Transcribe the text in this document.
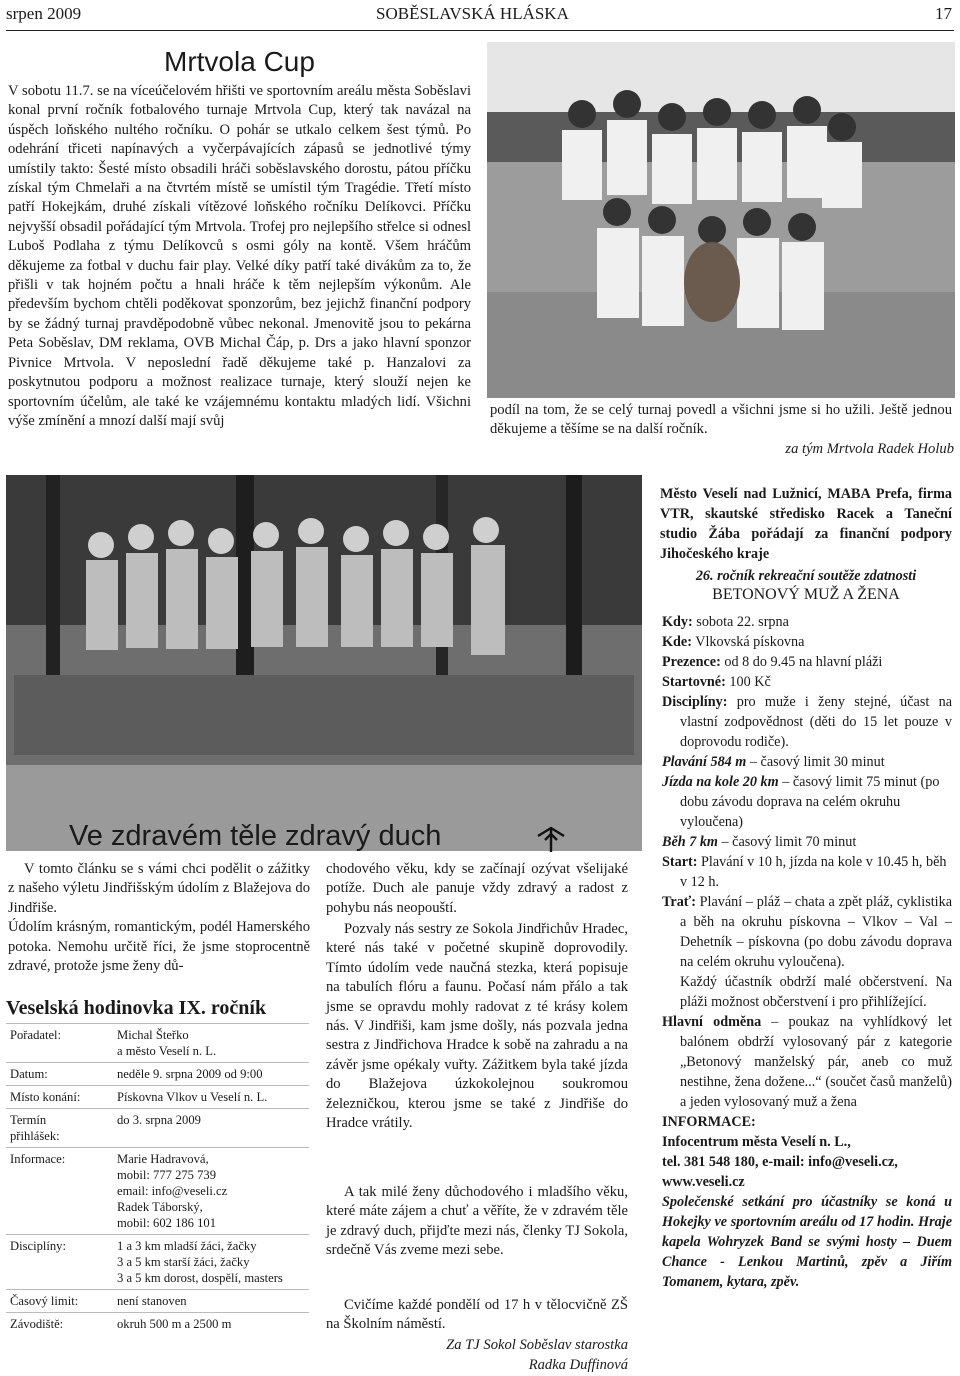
srpen 2009	SOBĚSLAVSKÁ HLÁSKA	17
Mrtvola Cup
V sobotu 11.7. se na víceúčelovém hřišti ve sportovním areálu města Soběslavi konal první ročník fotbalového turnaje Mrtvola Cup, který tak navázal na úspěch loňského nultého ročníku. O pohár se utkalo celkem šest týmů. Po odehrání třiceti napínavých a vyčerpávajících zápasů se jednotlivé týmy umístily takto: Šesté místo obsadili hráči soběslavského dorostu, pátou příčku získal tým Chmelaři a na čtvrtém místě se umístil tým Tragédie. Třetí místo patří Hokejkám, druhé získali vítězové loňského ročníku Delíkovci. Příčku nejvyšší obsadil pořádající tým Mrtvola. Trofej pro nejlepšího střelce si odnesl Luboš Podlaha z týmu Delíkovců s osmi góly na kontě. Všem hráčům děkujeme za fotbal v duchu fair play. Velké díky patří také divákům za to, že přišli v tak hojném počtu a hnali hráče k těm nejlepším výkonům. Ale především bychom chtěli poděkovat sponzorům, bez jejichž finanční podpory by se žádný turnaj pravděpodobně vůbec nekonal. Jmenovitě jsou to pekárna Peta Soběslav, DM reklama, OVB Michal Čáp, p. Drs a jako hlavní sponzor Pivnice Mrtvola. V neposlední řadě děkujeme také p. Hanzalovi za poskytnutou podporu a možnost realizace turnaje, který slouží nejen ke sportovním účelům, ale také ke vzájemnému kontaktu mladých lidí. Všichni výše zmínění a mnozí další mají svůj
podíl na tom, že se celý turnaj povedl a všichni jsme si ho užili. Ještě jednou děkujeme a těšíme se na další ročník.
za tým Mrtvola Radek Holub
Ve zdravém těle zdravý duch
V tomto článku se s vámi chci podělit o zážitky z našeho výletu Jindřišským údolím z Blažejova do Jindřiše.
Údolím krásným, romantickým, podél Hamerského potoka. Nemohu určitě říci, že jsme stoprocentně zdravé, protože jsme ženy dů-
chodového věku, kdy se začínají ozývat všelijaké potíže. Duch ale panuje vždy zdravý a radost z pohybu nás neopouští.
Pozvaly nás sestry ze Sokola Jindřichův Hradec, které nás také v početné skupině doprovodily. Tímto údolím vede naučná stezka, která popisuje na tabulích flóru a faunu. Počasí nám přálo a tak jsme se opravdu mohly radovat z té krásy kolem nás. V Jindřiši, kam jsme došly, nás pozvala jedna sestra z Jindřichova Hradce k sobě na zahradu a na závěr jsme opékaly vuřty. Zážitkem byla také jízda do Blažejova úzkokolejnou soukromou železničkou, kterou jsme se také z Jindřiše do Hradce vrátily.
A tak milé ženy důchodového i mladšího věku, které máte zájem a chuť a věříte, že v zdravém těle je zdravý duch, přijďte mezi nás, členky TJ Sokola, srdečně Vás zveme mezi sebe.
Cvičíme každé pondělí od 17 h v tělocvičně ZŠ na Školním náměstí.
Za TJ Sokol Soběslav starostka
Radka Duffinová
Veselská hodinovka IX. ročník
Pořadatel:	Michal Šteřko
a město Veselí n. L.
Datum:	neděle 9. srpna 2009 od 9:00
Místo konání:	Pískovna Vlkov u Veselí n. L.
Termín
přihlášek:	do 3. srpna 2009
Informace:	Marie Hadravová,
mobil: 777 275 739
email: info@veseli.cz
Radek Táborský,
mobil: 602 186 101
Disciplíny:	1 a 3 km mladší žáci, žačky
3 a 5 km starší žáci, žačky
3 a 5 km dorost, dospělí, masters
Časový limit:	není stanoven
Závodiště:	okruh 500 m a 2500 m
Město Veselí nad Lužnicí, MABA Prefa, firma VTR, skautské středisko Racek a Taneční studio Žába pořádají za finanční podpory Jihočeského kraje
26. ročník rekreační soutěže zdatnosti
BETONOVÝ MUŽ A ŽENA
Kdy: sobota 22. srpna
Kde: Vlkovská pískovna
Prezence: od 8 do 9.45 na hlavní pláži
Startovné: 100 Kč
Disciplíny: pro muže i ženy stejné, účast na vlastní zodpovědnost (děti do 15 let pouze v doprovodu rodiče).
Plavání 584 m – časový limit 30 minut
Jízda na kole 20 km – časový limit 75 minut (po dobu závodu doprava na celém okruhu vyloučena)
Běh 7 km – časový limit 70 minut
Start: Plavání v 10 h, jízda na kole v 10.45 h, běh v 12 h.
Trať: Plavání – pláž – chata a zpět pláž, cyklistika a běh na okruhu pískovna – Vlkov – Val – Dehetník – pískovna (po dobu závodu doprava na celém okruhu vyloučena).
Každý účastník obdrží malé občerstvení. Na pláži možnost občerstvení i pro přihlížející.
Hlavní odměna – poukaz na vyhlídkový let balónem obdrží vylosovaný pár z kategorie „Betonový manželský pár, aneb co muž nestihne, žena dožene...“ (součet časů manželů) a jeden vylosovaný muž a žena
INFORMACE:
Infocentrum města Veselí n. L.,
tel. 381 548 180, e-mail: info@veseli.cz,
www.veseli.cz
Společenské setkání pro účastníky se koná u Hokejky ve sportovním areálu od 17 hodin. Hraje kapela Wohryzek Band se svými hosty – Duem Chance - Lenkou Martinů, zpěv a Jiřím Tomanem, kytara, zpěv.
